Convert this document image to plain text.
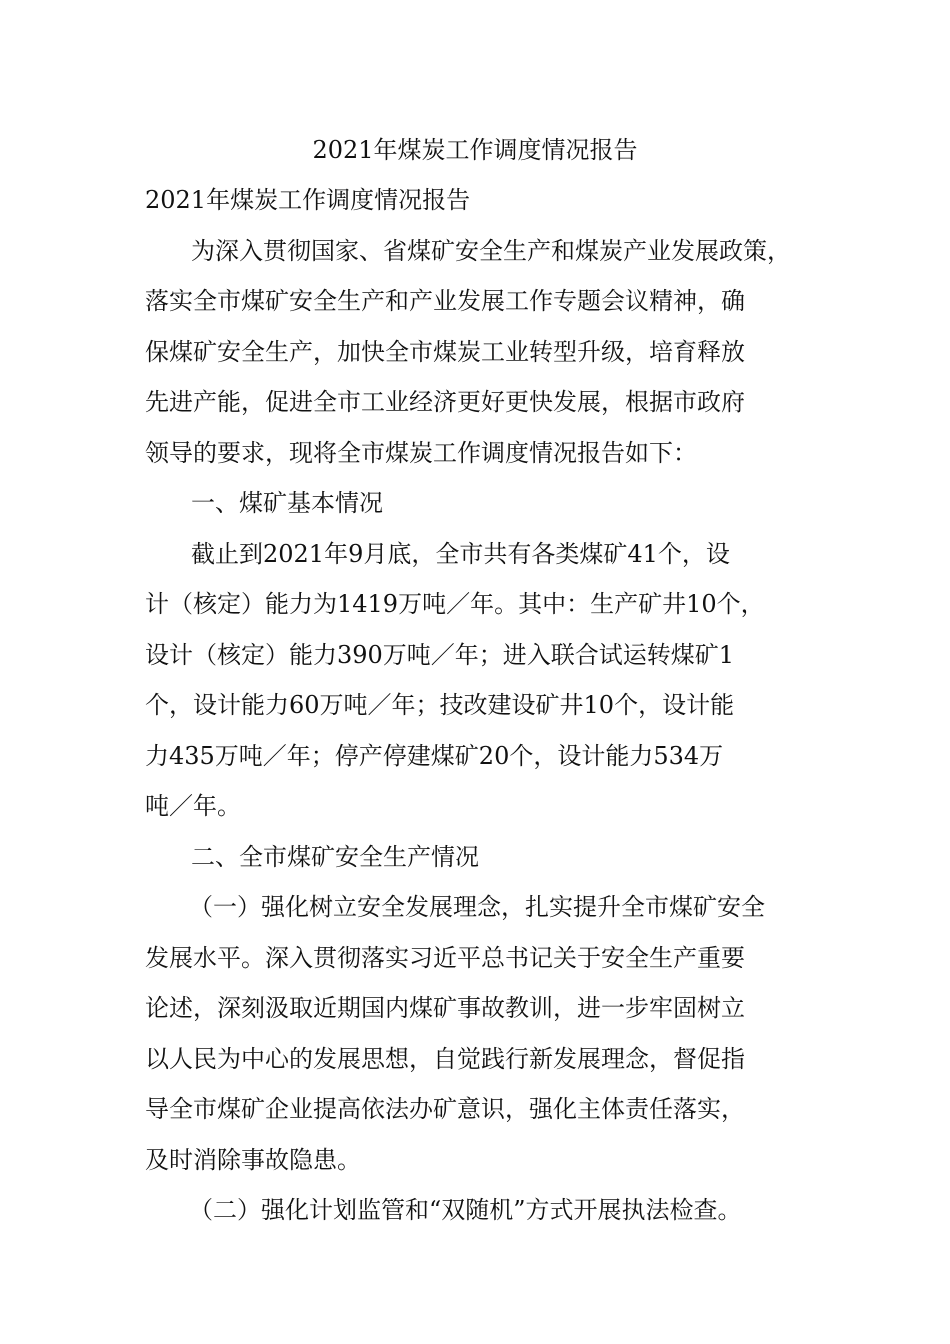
2021年煤炭工作调度情况报告
2021年煤炭工作调度情况报告
为深入贯彻国家、省煤矿安全生产和煤炭产业发展政策，
落实全市煤矿安全生产和产业发展工作专题会议精神，确
保煤矿安全生产，加快全市煤炭工业转型升级，培育释放
先进产能，促进全市工业经济更好更快发展，根据市政府
领导的要求，现将全市煤炭工作调度情况报告如下：
一、煤矿基本情况
截止到2021年9月底，全市共有各类煤矿41个，设
计（核定）能力为1419万吨／年。其中：生产矿井10个，
设计（核定）能力390万吨／年；进入联合试运转煤矿1
个，设计能力60万吨／年；技改建设矿井10个，设计能
力435万吨／年；停产停建煤矿20个，设计能力534万
吨／年。
二、全市煤矿安全生产情况
（一）强化树立安全发展理念，扎实提升全市煤矿安全
发展水平。深入贯彻落实习近平总书记关于安全生产重要
论述，深刻汲取近期国内煤矿事故教训，进一步牢固树立
以人民为中心的发展思想，自觉践行新发展理念，督促指
导全市煤矿企业提高依法办矿意识，强化主体责任落实，
及时消除事故隐患。
（二）强化计划监管和“双随机”方式开展执法检查。
